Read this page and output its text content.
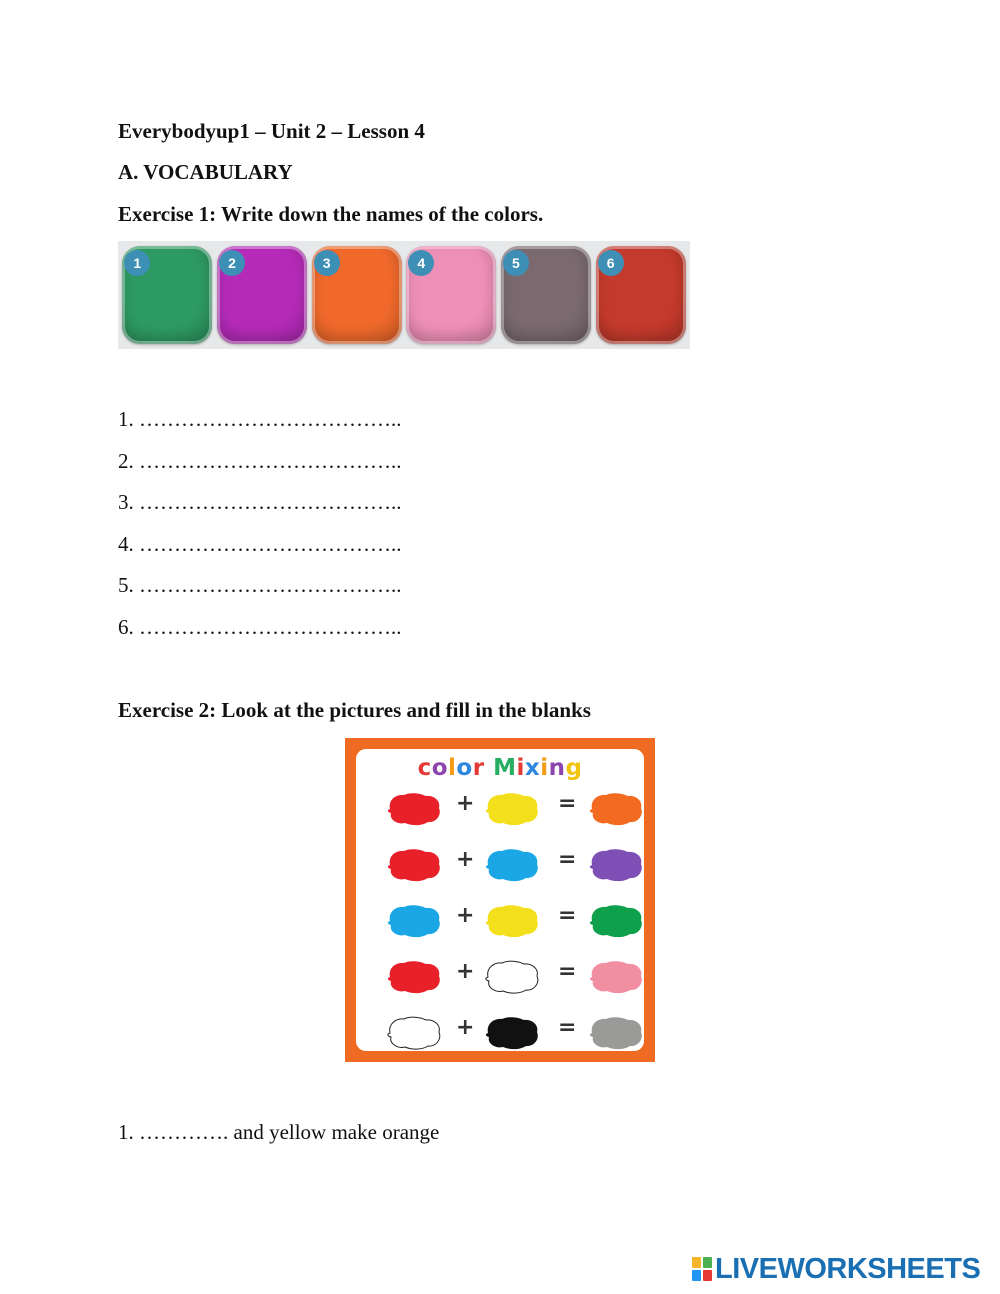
Everybodyup1 – Unit 2 – Lesson 4
A. VOCABULARY
Exercise 1: Write down the names of the colors.
1	2	3	4	5	6
1. ………………………………..
2. ………………………………..
3. ………………………………..
4. ………………………………..
5. ………………………………..
6. ………………………………..
Exercise 2: Look at the pictures and fill in the blanks
color Mixing
+	=
+	=
+	=
+	=
+	=
1. …………. and yellow make orange
LIVEWORKSHEETS
